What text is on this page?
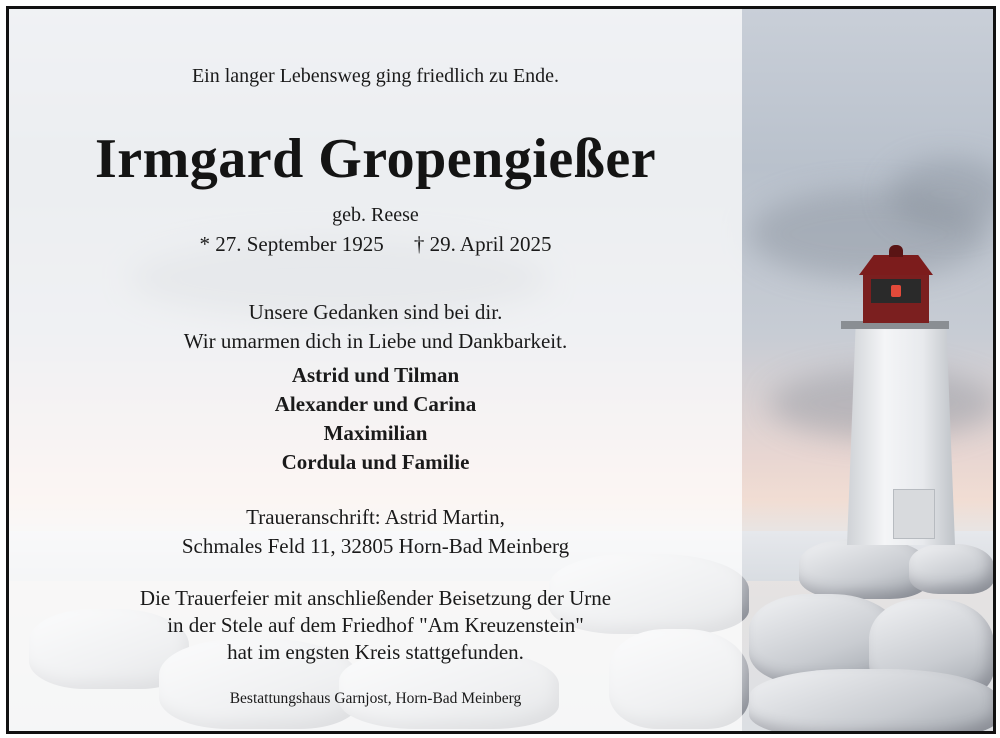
Ein langer Lebensweg ging friedlich zu Ende.
Irmgard Gropengießer
geb. Reese
* 27. September 1925 † 29. April 2025
Unsere Gedanken sind bei dir.
Wir umarmen dich in Liebe und Dankbarkeit.
Astrid und Tilman
Alexander und Carina
Maximilian
Cordula und Familie
Traueranschrift: Astrid Martin,
Schmales Feld 11, 32805 Horn-Bad Meinberg
Die Trauerfeier mit anschließender Beisetzung der Urne
in der Stele auf dem Friedhof "Am Kreuzenstein"
hat im engsten Kreis stattgefunden.
Bestattungshaus Garnjost, Horn-Bad Meinberg
